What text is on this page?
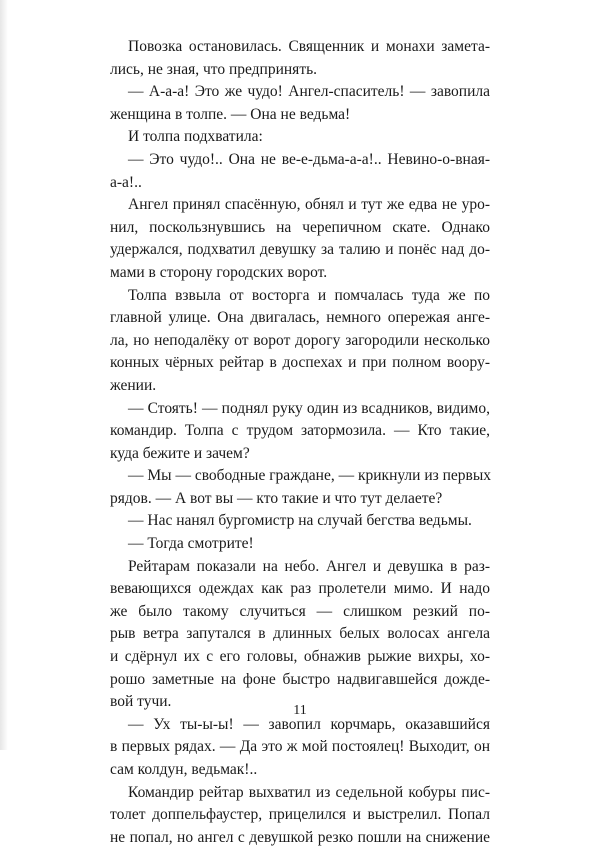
Повозка остановилась. Священник и монахи замета-
лись, не зная, что предпринять.
— А-а-а! Это же чудо! Ангел-спаситель! — завопила
женщина в толпе. — Она не ведьма!
И толпа подхватила:
— Это чудо!.. Она не ве-е-дьма-а-а!.. Невино-о-вная-
а-а!..
Ангел принял спасённую, обнял и тут же едва не уро-
нил, поскользнувшись на черепичном скате. Однако
удержался, подхватил девушку за талию и понёс над до-
мами в сторону городских ворот.
Толпа взвыла от восторга и помчалась туда же по
главной улице. Она двигалась, немного опережая анге-
ла, но неподалёку от ворот дорогу загородили несколько
конных чёрных рейтар в доспехах и при полном воору-
жении.
— Стоять! — поднял руку один из всадников, видимо,
командир. Толпа с трудом затормозила. — Кто такие,
куда бежите и зачем?
— Мы — свободные граждане, — крикнули из первых
рядов. — А вот вы — кто такие и что тут делаете?
— Нас нанял бургомистр на случай бегства ведьмы.
— Тогда смотрите!
Рейтарам показали на небо. Ангел и девушка в раз-
вевающихся одеждах как раз пролетели мимо. И надо
же было такому случиться — слишком резкий по-
рыв ветра запутался в длинных белых волосах ангела
и сдёрнул их с его головы, обнажив рыжие вихры, хо-
рошо заметные на фоне быстро надвигавшейся дожде-
вой тучи.
— Ух ты-ы-ы! — завопил корчмарь, оказавшийся
в первых рядах. — Да это ж мой постоялец! Выходит, он
сам колдун, ведьмак!..
Командир рейтар выхватил из седельной кобуры пис-
толет доппельфаустер, прицелился и выстрелил. Попал
не попал, но ангел с девушкой резко пошли на снижение
11
